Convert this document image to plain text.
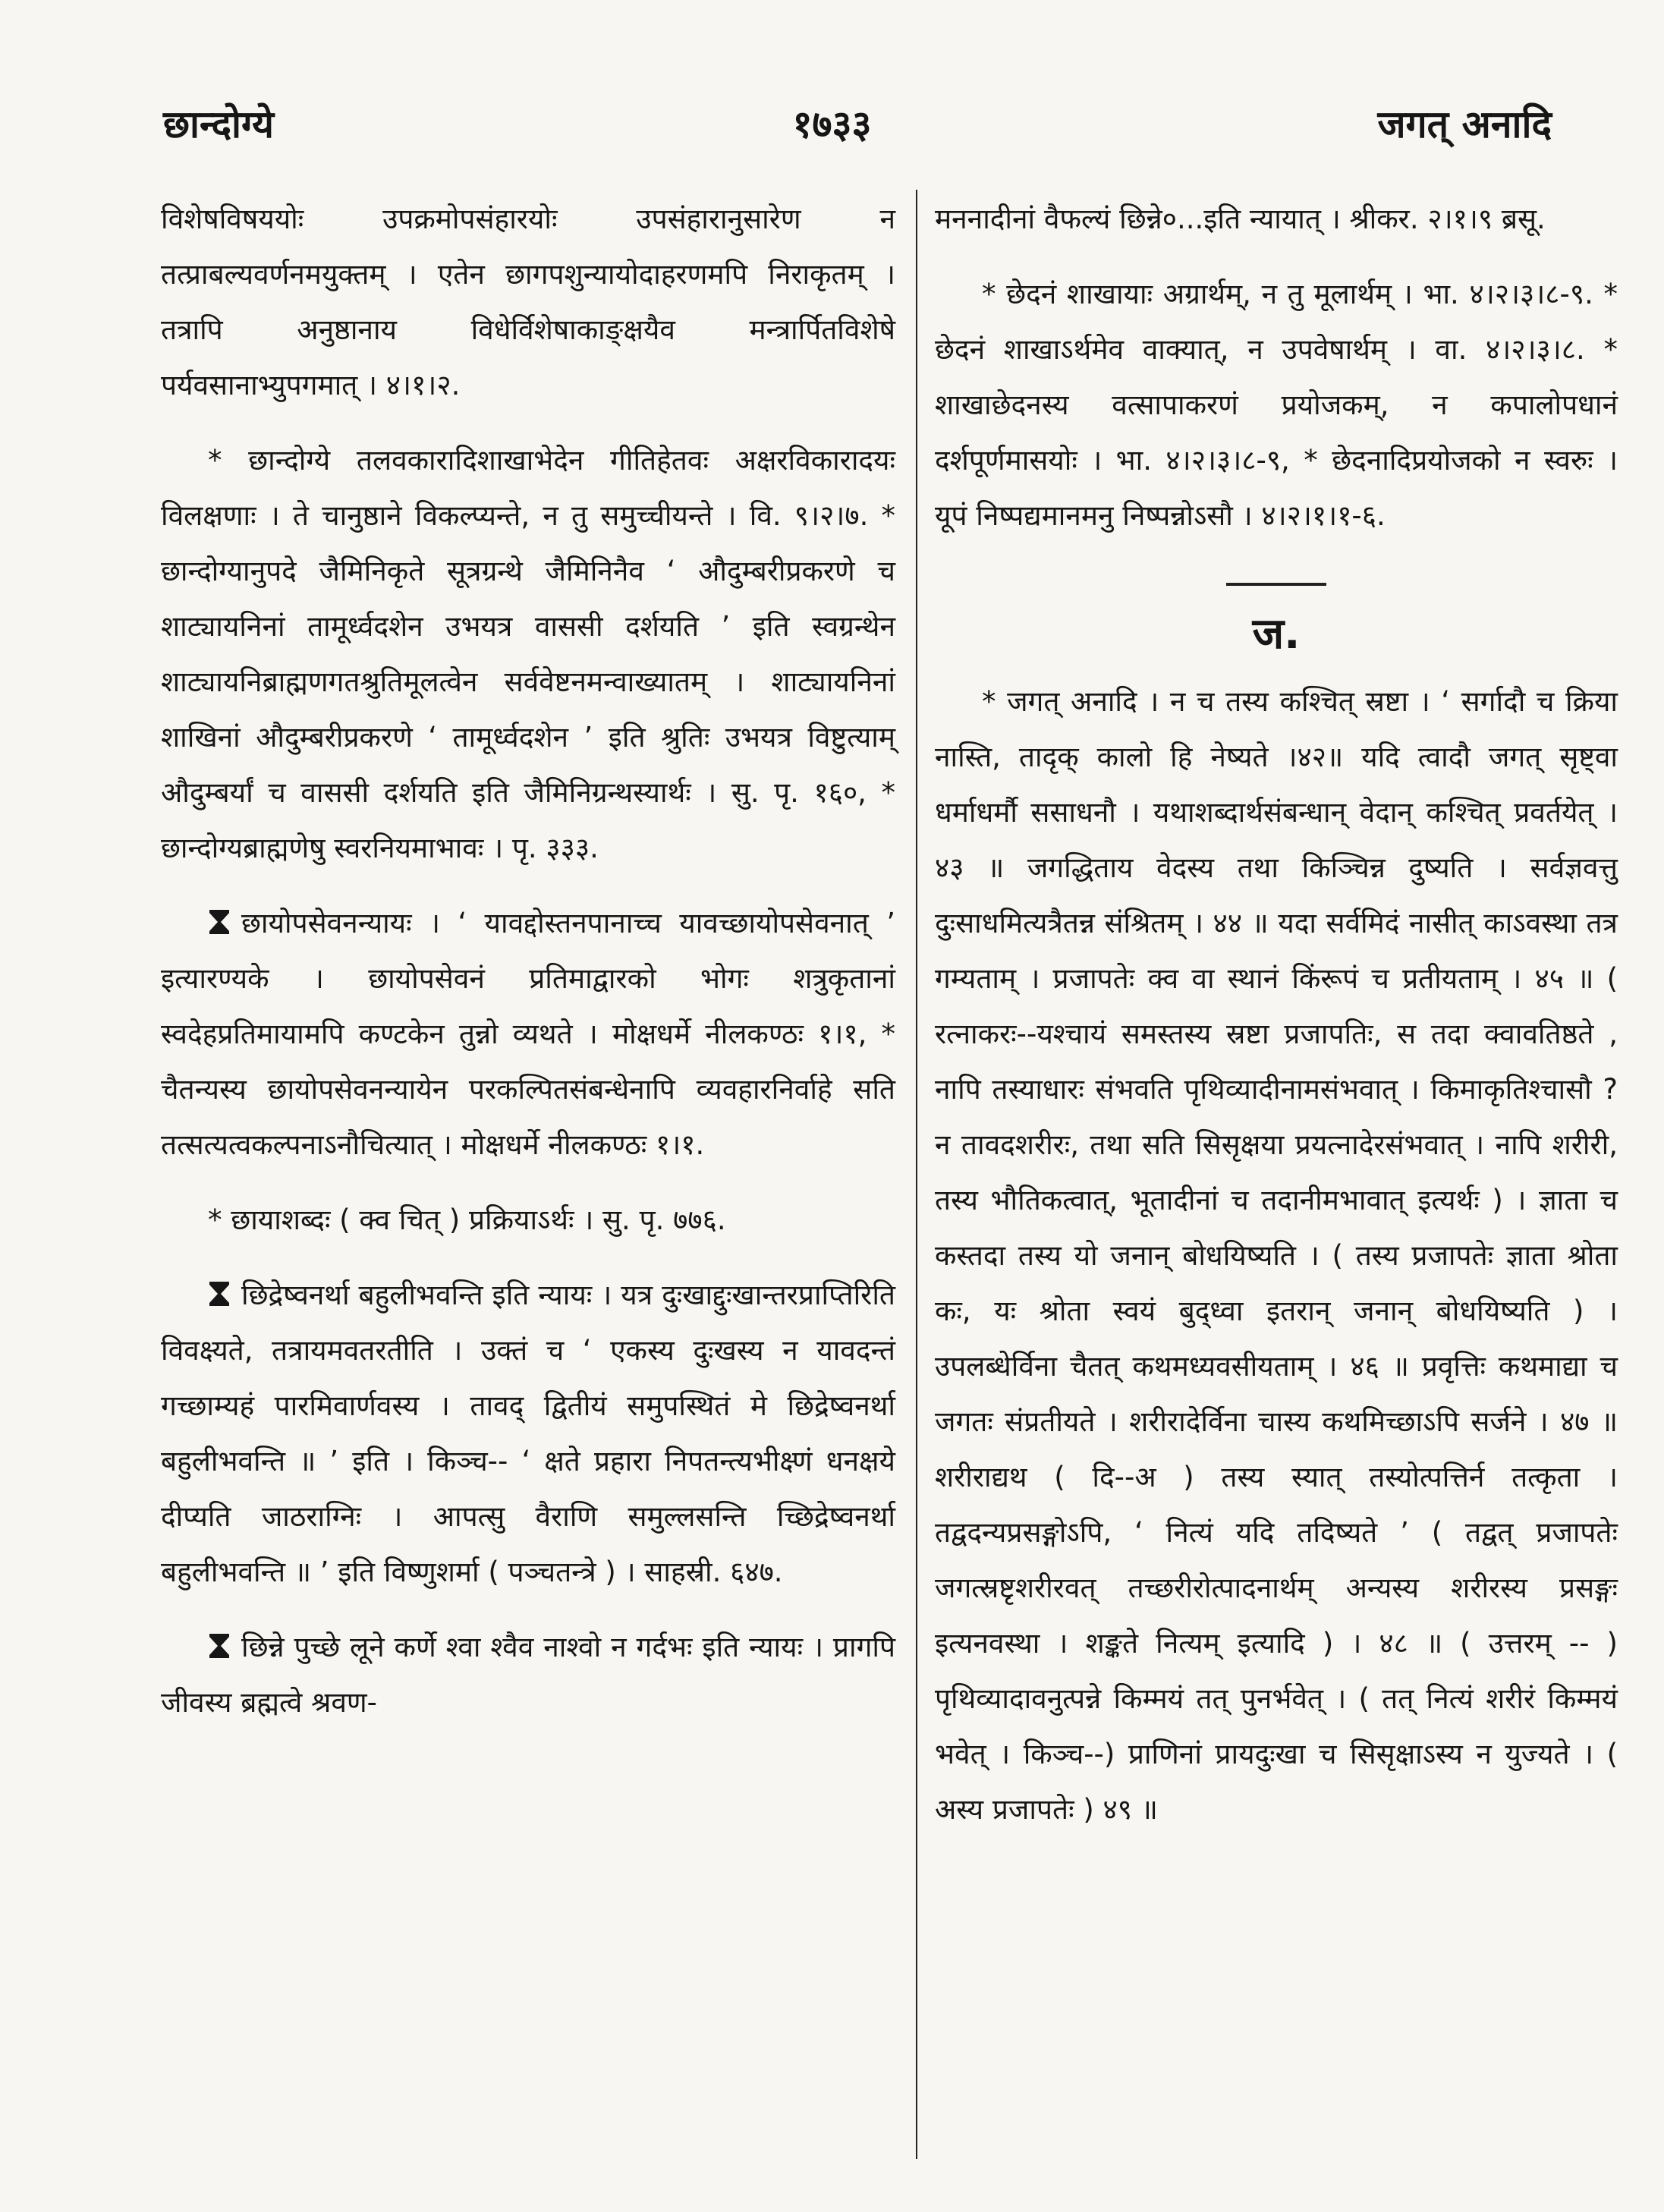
छान्दोग्ये	१७३३	जगत् अनादि

विशेषविषययोः उपक्रमोपसंहारयोः उपसंहारानुसारेण न तत्प्राबल्यवर्णनमयुक्तम् । एतेन छागपशुन्यायोदाहरणमपि निराकृतम् । तत्रापि अनुष्ठानाय विधेर्विशेषाकाङ्क्षयैव मन्त्रार्पितविशेषे पर्यवसानाभ्युपगमात् । ४।१।२.

* छान्दोग्ये तलवकारादिशाखाभेदेन गीतिहेतवः अक्षरविकारादयः विलक्षणाः । ते चानुष्ठाने विकल्प्यन्ते, न तु समुच्चीयन्ते । वि. ९।२।७. * छान्दोग्यानुपदे जैमिनिकृते सूत्रग्रन्थे जैमिनिनैव ‘ औदुम्बरीप्रकरणे च शाट्यायनिनां तामूर्ध्वदशेन उभयत्र वाससी दर्शयति ’ इति स्वग्रन्थेन शाट्यायनिब्राह्मणगतश्रुतिमूलत्वेन सर्ववेष्टनमन्वाख्यातम् । शाट्यायनिनां शाखिनां औदुम्बरीप्रकरणे ‘ तामूर्ध्वदशेन ’ इति श्रुतिः उभयत्र विष्टुत्याम् औदुम्बर्यां च वाससी दर्शयति इति जैमिनिग्रन्थस्यार्थः । सु. पृ. १६०, * छान्दोग्यब्राह्मणेषु स्वरनियमाभावः । पृ. ३३३.

छायोपसेवनन्यायः । ‘ यावद्दोस्तनपानाच्च यावच्छायोपसेवनात् ’ इत्यारण्यके । छायोपसेवनं प्रतिमाद्वारको भोगः शत्रुकृतानां स्वदेहप्रतिमायामपि कण्टकेन तुन्नो व्यथते । मोक्षधर्मे नीलकण्ठः १।१, * चैतन्यस्य छायोपसेवनन्यायेन परकल्पितसंबन्धेनापि व्यवहारनिर्वाहे सति तत्सत्यत्वकल्पनाऽनौचित्यात् । मोक्षधर्मे नीलकण्ठः १।१.

* छायाशब्दः ( क्व चित् ) प्रक्रियाऽर्थः । सु. पृ. ७७६.

छिद्रेष्वनर्था बहुलीभवन्ति इति न्यायः । यत्र दुःखाद्दुःखान्तरप्राप्तिरिति विवक्ष्यते, तत्रायमवतरतीति । उक्तं च ‘ एकस्य दुःखस्य न यावदन्तं गच्छाम्यहं पारमिवार्णवस्य । तावद् द्वितीयं समुपस्थितं मे छिद्रेष्वनर्था बहुलीभवन्ति ॥ ’ इति । किञ्च-- ‘ क्षते प्रहारा निपतन्त्यभीक्ष्णं धनक्षये दीप्यति जाठराग्निः । आपत्सु वैराणि समुल्लसन्ति च्छिद्रेष्वनर्था बहुलीभवन्ति ॥ ’ इति विष्णुशर्मा ( पञ्चतन्त्रे ) । साहस्री. ६४७.

छिन्ने पुच्छे लूने कर्णे श्वा श्वैव नाश्वो न गर्दभः इति न्यायः । प्रागपि जीवस्य ब्रह्मत्वे श्रवण-

मननादीनां वैफल्यं छिन्ने०...इति न्यायात् । श्रीकर. २।१।९ ब्रसू.

* छेदनं शाखायाः अग्रार्थम्, न तु मूलार्थम् । भा. ४।२।३।८-९. * छेदनं शाखाऽर्थमेव वाक्यात्, न उपवेषार्थम् । वा. ४।२।३।८. * शाखाछेदनस्य वत्सापाकरणं प्रयोजकम्, न कपालोपधानं दर्शपूर्णमासयोः । भा. ४।२।३।८-९, * छेदनादिप्रयोजको न स्वरुः । यूपं निष्पद्यमानमनु निष्पन्नोऽसौ । ४।२।१।१-६.

ज.

* जगत् अनादि । न च तस्य कश्चित् स्रष्टा । ‘ सर्गादौ च क्रिया नास्ति, तादृक् कालो हि नेष्यते ।४२॥ यदि त्वादौ जगत् सृष्ट्वा धर्माधर्मौ ससाधनौ । यथाशब्दार्थसंबन्धान् वेदान् कश्चित् प्रवर्तयेत् । ४३ ॥ जगद्धिताय वेदस्य तथा किञ्चिन्न दुष्यति । सर्वज्ञवत्तु दुःसाधमित्यत्रैतन्न संश्रितम् । ४४ ॥ यदा सर्वमिदं नासीत् काऽवस्था तत्र गम्यताम् । प्रजापतेः क्व वा स्थानं किंरूपं च प्रतीयताम् । ४५ ॥ ( रत्नाकरः--यश्चायं समस्तस्य स्रष्टा प्रजापतिः, स तदा क्वावतिष्ठते , नापि तस्याधारः संभवति पृथिव्यादीनामसंभवात् । किमाकृतिश्चासौ ? न तावदशरीरः, तथा सति सिसृक्षया प्रयत्नादेरसंभवात् । नापि शरीरी, तस्य भौतिकत्वात्, भूतादीनां च तदानीमभावात् इत्यर्थः ) । ज्ञाता च कस्तदा तस्य यो जनान् बोधयिष्यति । ( तस्य प्रजापतेः ज्ञाता श्रोता कः, यः श्रोता स्वयं बुद्ध्वा इतरान् जनान् बोधयिष्यति ) । उपलब्धेर्विना चैतत् कथमध्यवसीयताम् । ४६ ॥ प्रवृत्तिः कथमाद्या च जगतः संप्रतीयते । शरीरादेर्विना चास्य कथमिच्छाऽपि सर्जने । ४७ ॥ शरीराद्यथ ( दि--अ ) तस्य स्यात् तस्योत्पत्तिर्न तत्कृता । तद्वदन्यप्रसङ्गोऽपि, ‘ नित्यं यदि तदिष्यते ’ ( तद्वत् प्रजापतेः जगत्स्रष्टृशरीरवत् तच्छरीरोत्पादनार्थम् अन्यस्य शरीरस्य प्रसङ्गः इत्यनवस्था । शङ्कते नित्यम् इत्यादि ) । ४८ ॥ ( उत्तरम् -- ) पृथिव्यादावनुत्पन्ने किम्मयं तत् पुनर्भवेत् । ( तत् नित्यं शरीरं किम्मयं भवेत् । किञ्च--) प्राणिनां प्रायदुःखा च सिसृक्षाऽस्य न युज्यते । ( अस्य प्रजापतेः ) ४९ ॥
